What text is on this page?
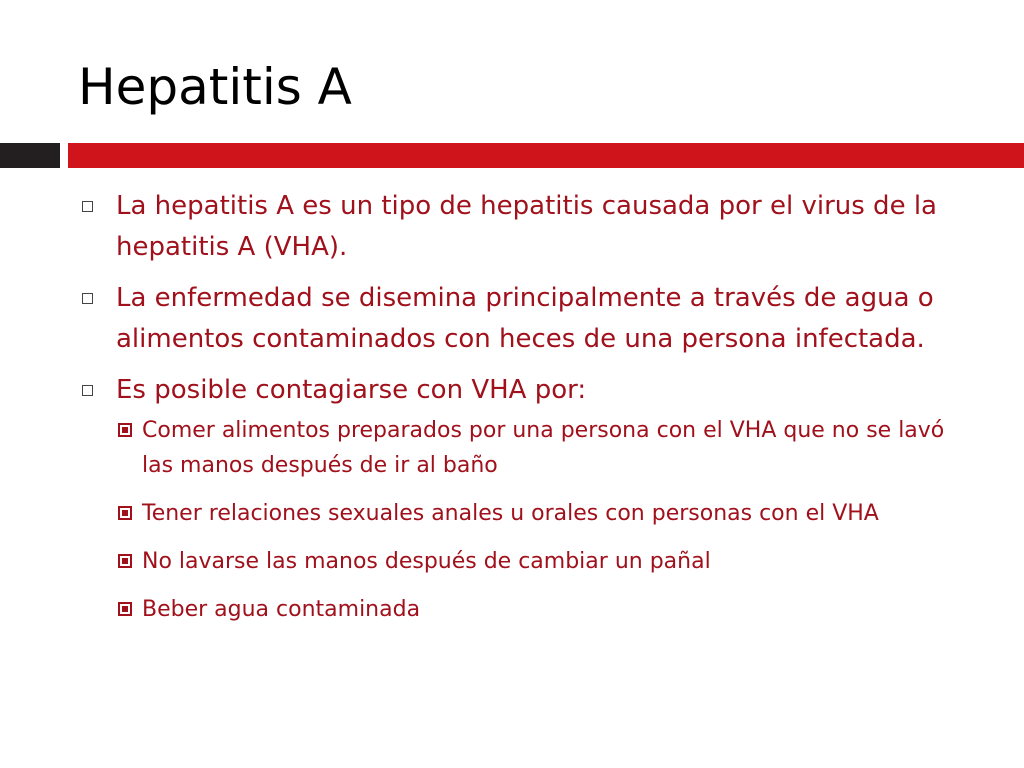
Hepatitis A
La hepatitis A es un tipo de hepatitis causada por el virus de la hepatitis A (VHA).
La enfermedad se disemina principalmente a través de agua o alimentos contaminados con heces de una persona infectada.
Es posible contagiarse con VHA por:
Comer alimentos preparados por una persona con el VHA que no se lavó las manos después de ir al baño
Tener relaciones sexuales anales u orales con personas con el VHA
No lavarse las manos después de cambiar un pañal
Beber agua contaminada
